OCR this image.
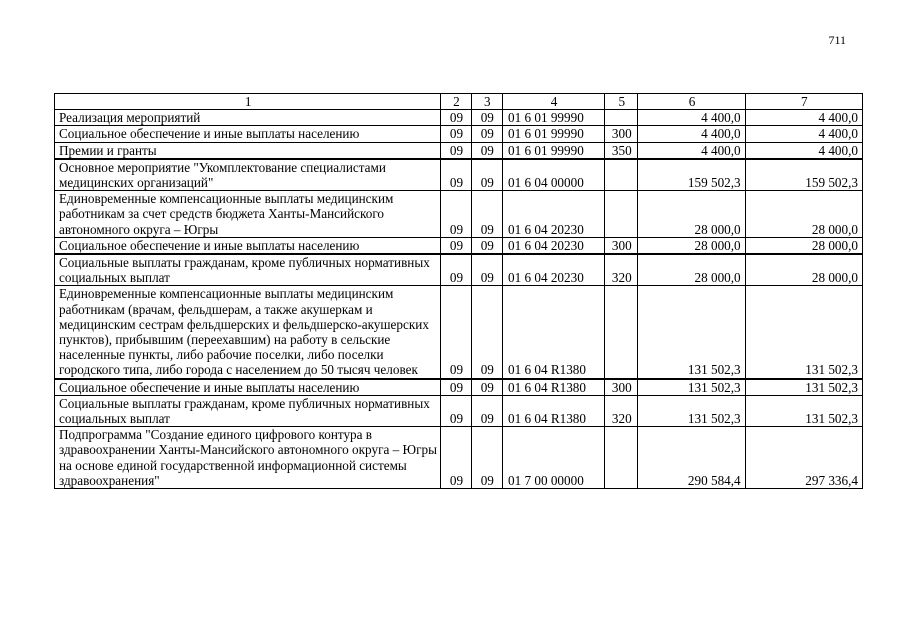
711
1	2	3	4	5	6	7
Реализация мероприятий	09	09	01 6 01 99990		4 400,0	4 400,0
Социальное обеспечение и иные выплаты населению	09	09	01 6 01 99990	300	4 400,0	4 400,0
Премии и гранты	09	09	01 6 01 99990	350	4 400,0	4 400,0
Основное мероприятие "Укомплектование специалистами медицинских организаций"	09	09	01 6 04 00000		159 502,3	159 502,3
Единовременные компенсационные выплаты медицинским работникам за счет средств бюджета Ханты-Мансийского автономного округа – Югры	09	09	01 6 04 20230		28 000,0	28 000,0
Социальное обеспечение и иные выплаты населению	09	09	01 6 04 20230	300	28 000,0	28 000,0
Социальные выплаты гражданам, кроме публичных нормативных социальных выплат	09	09	01 6 04 20230	320	28 000,0	28 000,0
Единовременные компенсационные выплаты медицинским работникам (врачам, фельдшерам, а также акушеркам и медицинским сестрам фельдшерских и фельдшерско-акушерских пунктов), прибывшим (переехавшим) на работу в сельские населенные пункты, либо рабочие поселки, либо поселки городского типа, либо города с населением до 50 тысяч человек	09	09	01 6 04 R1380		131 502,3	131 502,3
Социальное обеспечение и иные выплаты населению	09	09	01 6 04 R1380	300	131 502,3	131 502,3
Социальные выплаты гражданам, кроме публичных нормативных социальных выплат	09	09	01 6 04 R1380	320	131 502,3	131 502,3
Подпрограмма "Создание единого цифрового контура в здравоохранении Ханты-Мансийского автономного округа – Югры на основе единой государственной информационной системы здравоохранения"	09	09	01 7 00 00000		290 584,4	297 336,4
